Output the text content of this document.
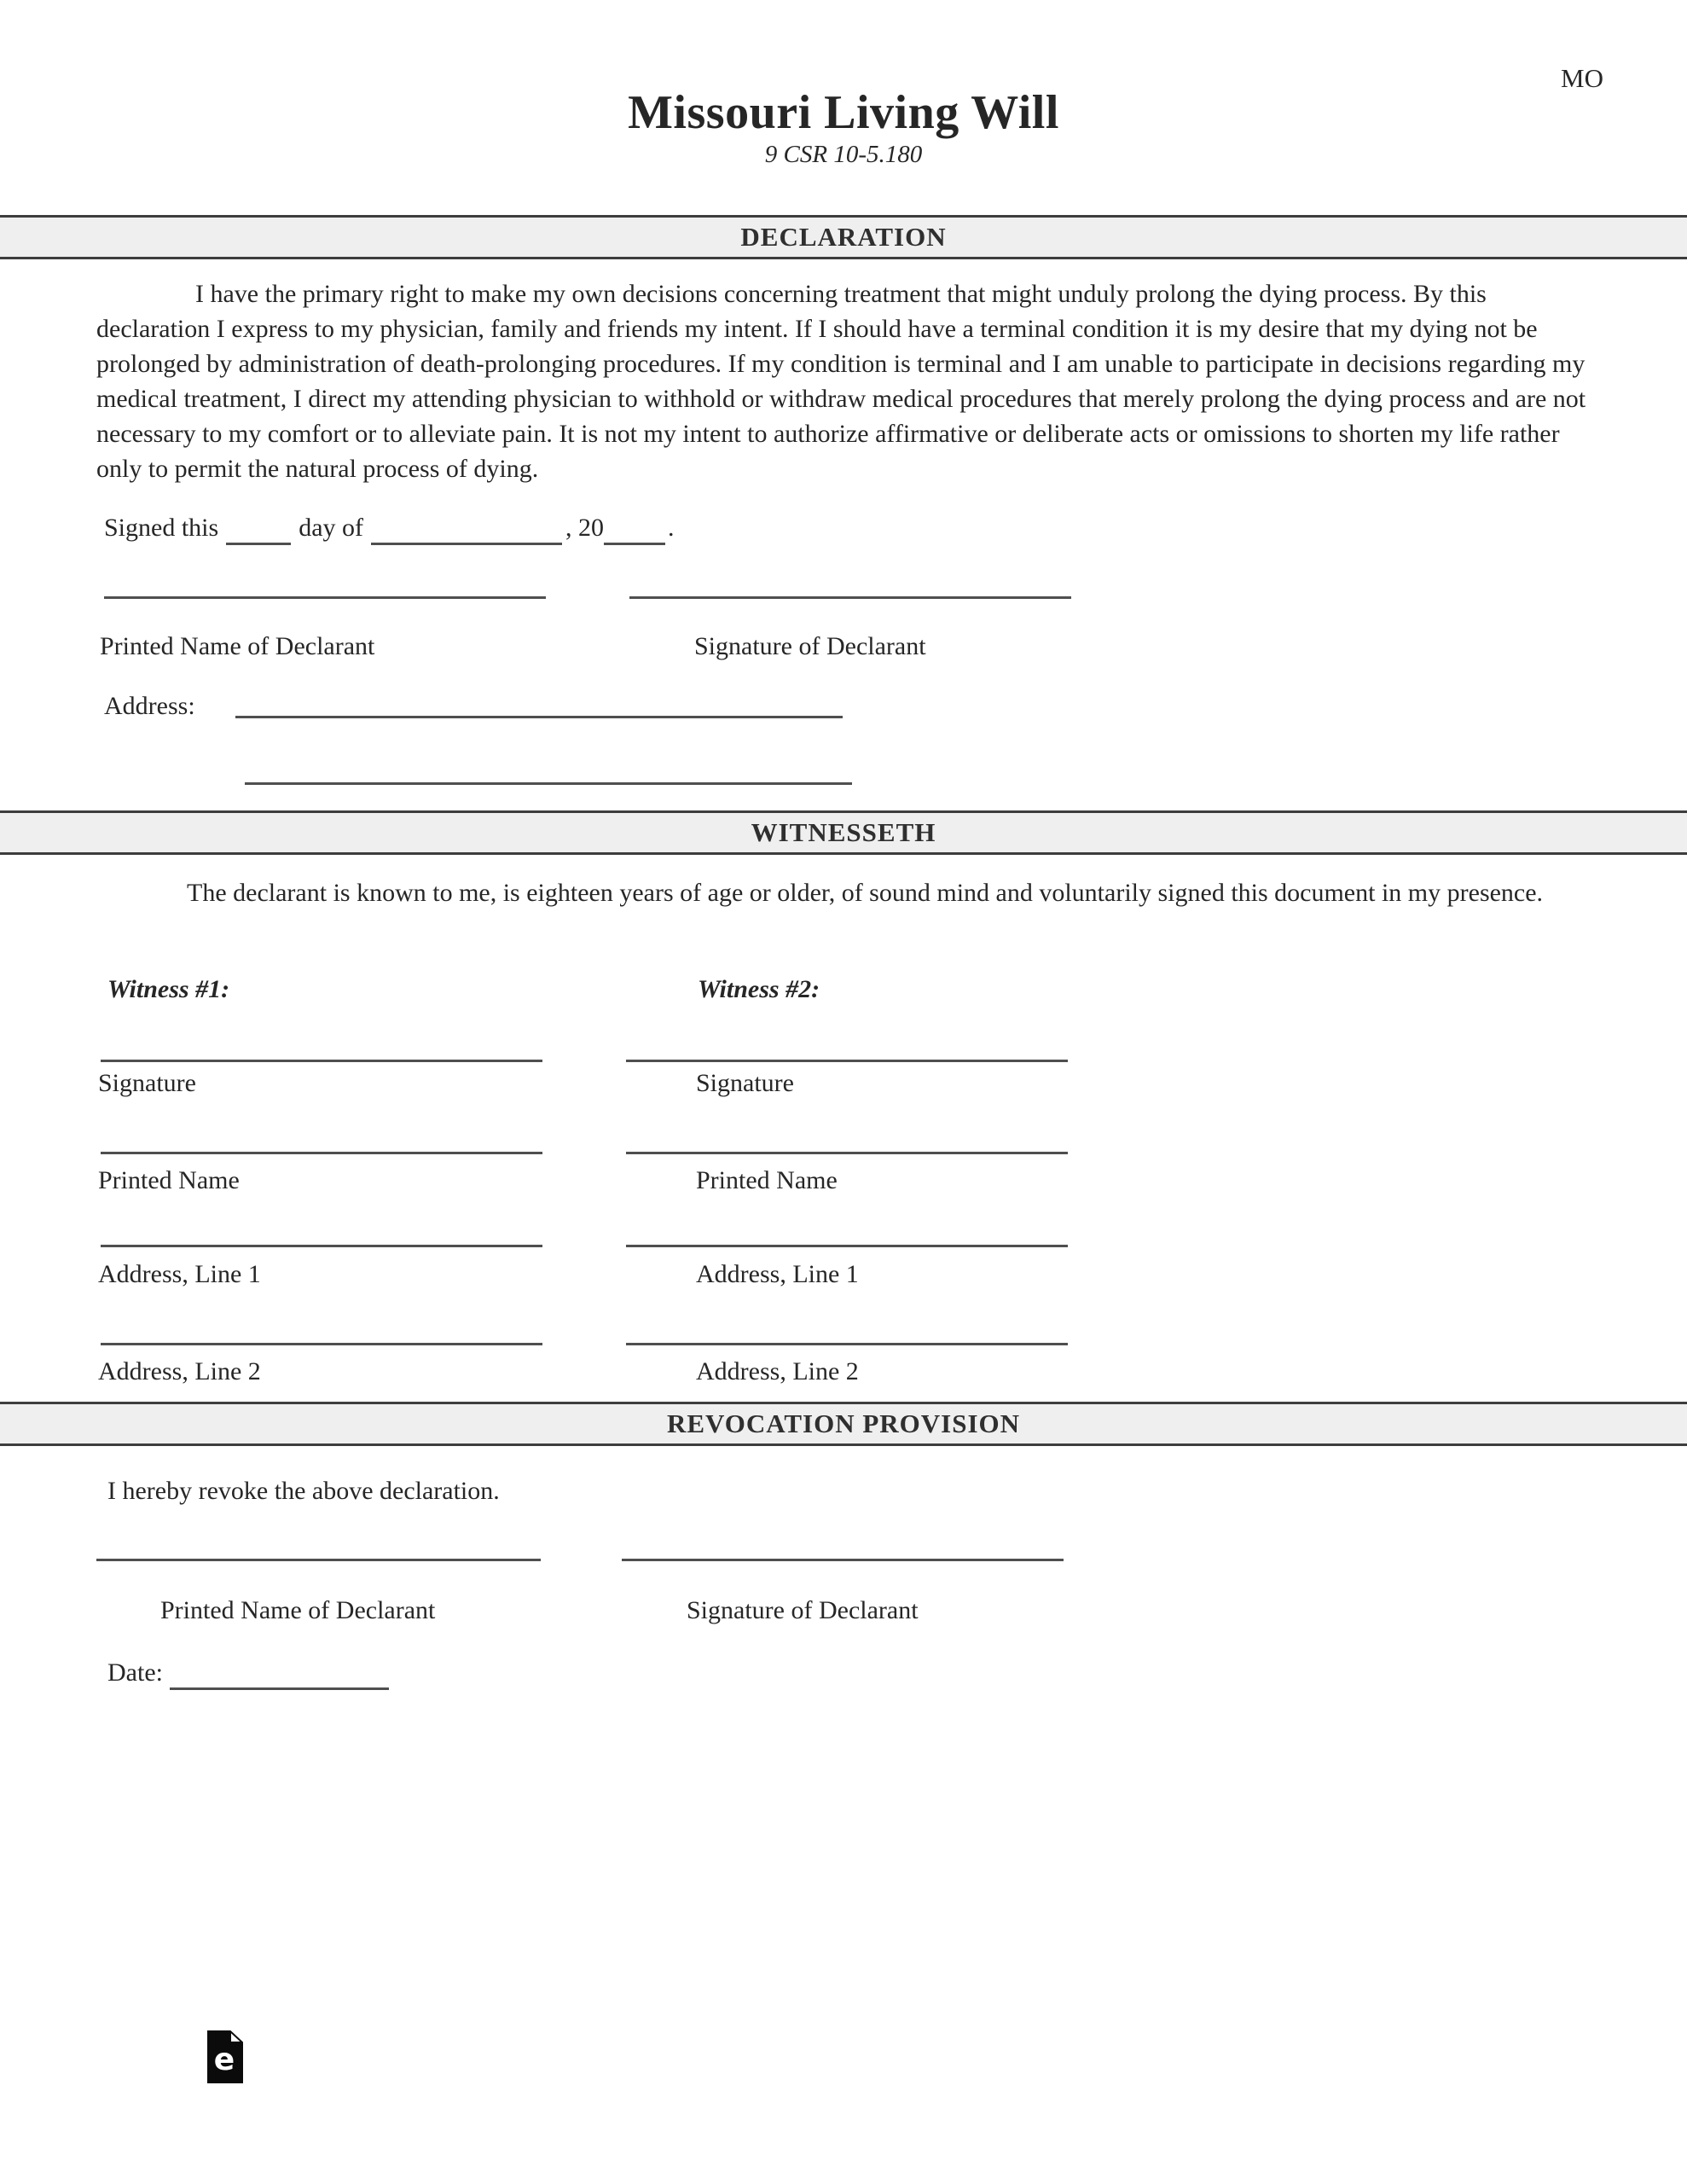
MO
Missouri Living Will
9 CSR 10-5.180
DECLARATION
I have the primary right to make my own decisions concerning treatment that might unduly prolong the dying process. By this declaration I express to my physician, family and friends my intent. If I should have a terminal condition it is my desire that my dying not be prolonged by administration of death-prolonging procedures. If my condition is terminal and I am unable to participate in decisions regarding my medical treatment, I direct my attending physician to withhold or withdraw medical procedures that merely prolong the dying process and are not necessary to my comfort or to alleviate pain. It is not my intent to authorize affirmative or deliberate acts or omissions to shorten my life rather only to permit the natural process of dying.
Signed this	day of	, 20	.
Printed Name of Declarant	Signature of Declarant
Address:
WITNESSETH
The declarant is known to me, is eighteen years of age or older, of sound mind and voluntarily signed this document in my presence.
Witness #1:	Witness #2:
Signature	Signature
Printed Name	Printed Name
Address, Line 1	Address, Line 1
Address, Line 2	Address, Line 2
REVOCATION PROVISION
I hereby revoke the above declaration.
Printed Name of Declarant	Signature of Declarant
Date:
e
